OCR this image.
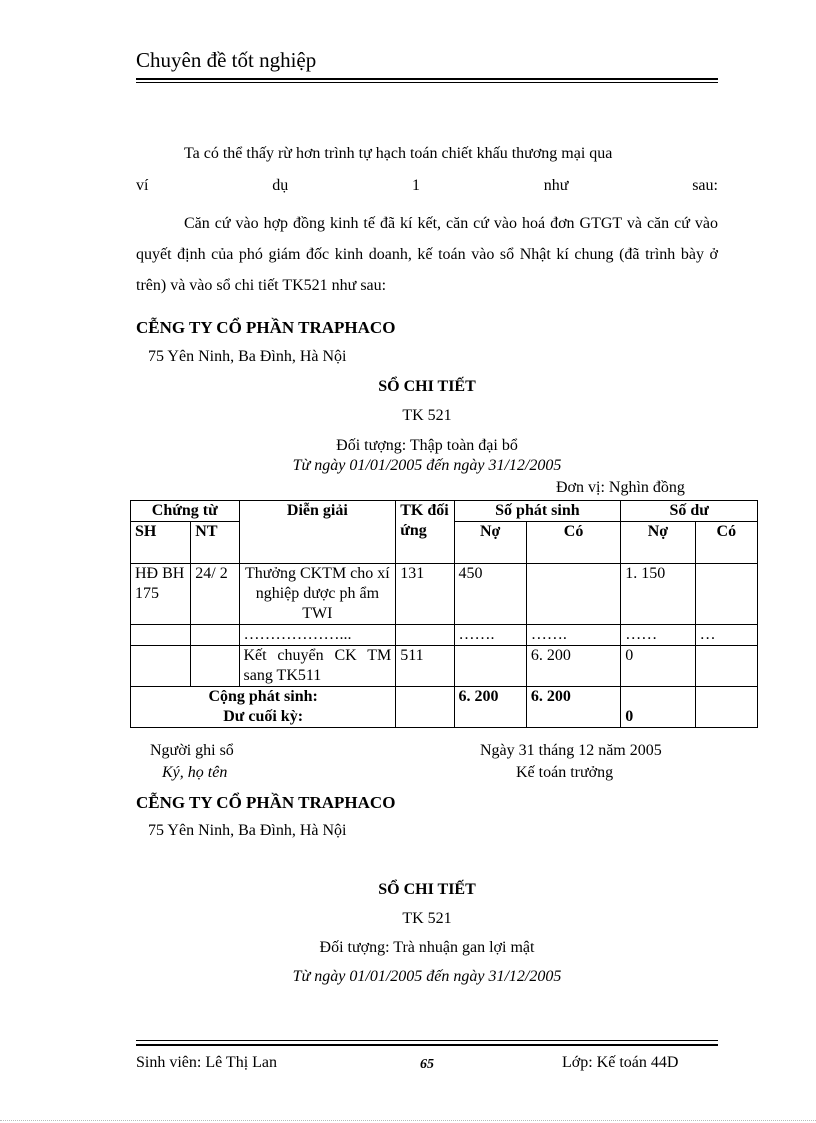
Chuyên đề tốt nghiệp
Ta có thể thấy rừ hơn trình tự hạch toán chiết khấu thương mại qua
ví	dụ	1	như	sau:
Căn cứ vào hợp đồng kinh tế đã kí kết, căn cứ vào hoá đơn GTGT và căn cứ vào quyết định của phó giám đốc kinh doanh, kế toán vào sổ Nhật kí chung (đã trình bày ở trên) và vào sổ chi tiết TK521 như sau:
CỄNG TY CỔ PHẦN TRAPHACO
75 Yên Ninh, Ba Đình, Hà Nội
SỔ CHI TIẾT
TK 521
Đối tượng: Thập toàn đại bổ
Từ ngày 01/01/2005 đến ngày 31/12/2005
Đơn vị: Nghìn đồng
Chứng từ		Diễn giải	TK đối ứng	Số phát sinh		Số dư	
SH	NT			Nợ	Có	Nợ	Có
HĐ BH 175	24/ 2	Thưởng CKTM cho xí nghiệp dược ph ẩm TWI	131	450		1. 150	
		………………...		…….	…….	……	…
		Kết chuyển CK TM sang TK511	511		6. 200	0	

Cộng phát sinh:
Dư cuối kỳ:				6. 200	6. 200	0	
Người ghi sổ
Ký, họ tên
Ngày 31 tháng 12 năm 2005
Kế toán trưởng
CỄNG TY CỔ PHẦN TRAPHACO
75 Yên Ninh, Ba Đình, Hà Nội
SỔ CHI TIẾT
TK 521
Đối tượng: Trà nhuận gan lợi mật
Từ ngày 01/01/2005 đến ngày 31/12/2005
Sinh viên: Lê Thị Lan	65	Lớp: Kế toán 44D
